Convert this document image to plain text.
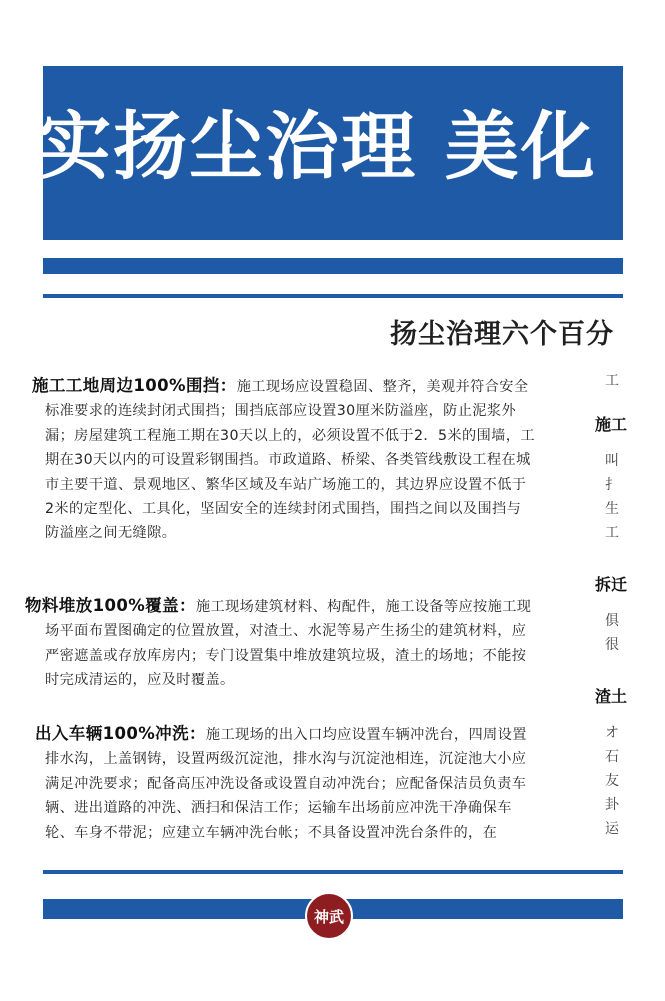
实扬尘治理 美化
扬尘治理六个百分

施工工地周边100%围挡：施工现场应设置稳固、整齐，美观并符合安全标准要求的连续封闭式围挡；围挡底部应设置30厘米防溢座，防止泥浆外漏；房屋建筑工程施工期在30天以上的，必须设置不低于2．5米的围墙，工期在30天以内的可设置彩钢围挡。市政道路、桥梁、各类管线敷设工程在城市主要干道、景观地区、繁华区域及车站广场施工的，其边界应设置不低于2米的定型化、工具化，坚固安全的连续封闭式围挡，围挡之间以及围挡与防溢座之间无缝隙。

物料堆放100%覆盖：施工现场建筑材料、构配件，施工设备等应按施工现场平面布置图确定的位置放置，对渣土、水泥等易产生扬尘的建筑材料，应严密遮盖或存放库房内；专门设置集中堆放建筑垃圾，渣土的场地；不能按时完成清运的，应及时覆盖。

出入车辆100%冲洗：施工现场的出入口均应设置车辆冲洗台，四周设置排水沟，上盖钢铸，设置两级沉淀池，排水沟与沉淀池相连，沉淀池大小应满足冲洗要求；配备高压冲洗设备或设置自动冲洗台；应配备保洁员负责车辆、进出道路的冲洗、洒扫和保洁工作；运输车出场前应冲洗干净确保车轮、车身不带泥；应建立车辆冲洗台帐；不具备设置冲洗台条件的，在

工
施工
叫
扌
生
工
拆迁
俱
很
渣土
オ
石
友
卦
运
神武
